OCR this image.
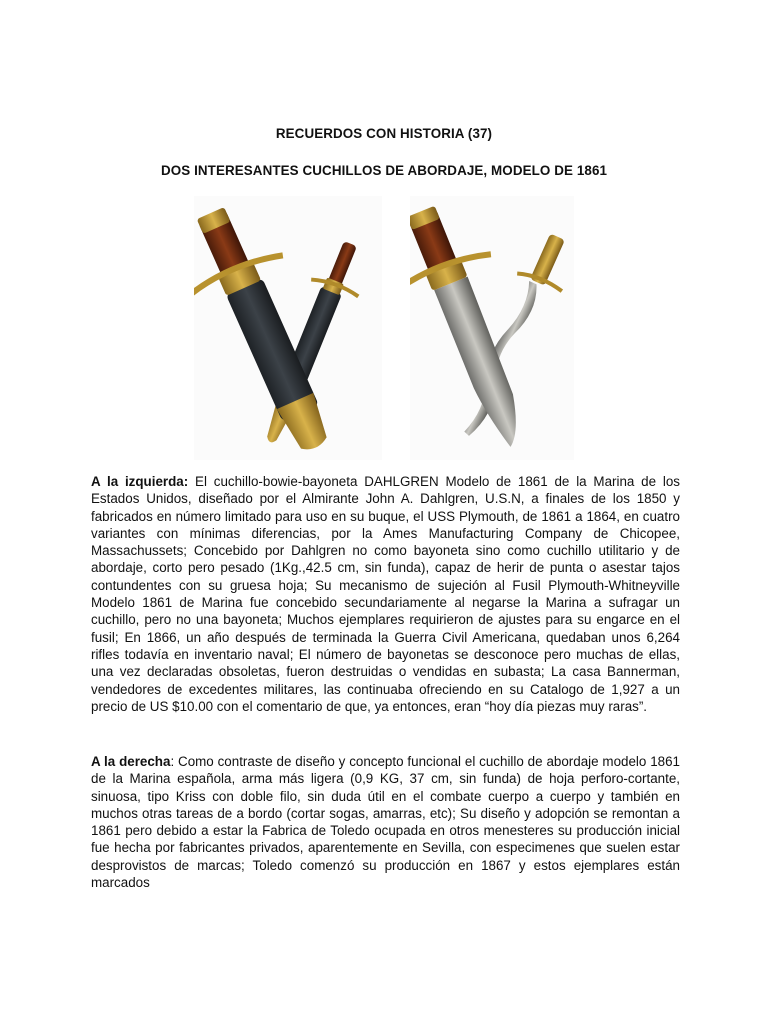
RECUERDOS CON HISTORIA (37)
DOS INTERESANTES CUCHILLOS DE ABORDAJE, MODELO DE 1861
A la izquierda: El cuchillo-bowie-bayoneta DAHLGREN Modelo de 1861 de la Marina de los Estados Unidos, diseñado por el Almirante John A. Dahlgren, U.S.N, a finales de los 1850 y fabricados en número limitado para uso en su buque, el USS Plymouth, de 1861 a 1864, en cuatro variantes con mínimas diferencias, por la Ames Manufacturing Company de Chicopee, Massachussets; Concebido por Dahlgren no como bayoneta sino como cuchillo utilitario y de abordaje, corto pero pesado (1Kg.,42.5 cm, sin funda), capaz de herir de punta o asestar tajos contundentes con su gruesa hoja; Su mecanismo de sujeción al Fusil Plymouth-Whitneyville Modelo 1861 de Marina fue concebido secundariamente al negarse la Marina a sufragar un cuchillo, pero no una bayoneta; Muchos ejemplares requirieron de ajustes para su engarce en el fusil; En 1866, un año después de terminada la Guerra Civil Americana, quedaban unos 6,264 rifles todavía en inventario naval; El número de bayonetas se desconoce pero muchas de ellas, una vez declaradas obsoletas, fueron destruidas o vendidas en subasta; La casa Bannerman, vendedores de excedentes militares, las continuaba ofreciendo en su Catalogo de 1,927 a un precio de US $10.00 con el comentario de que, ya entonces, eran “hoy día piezas muy raras”.
A la derecha: Como contraste de diseño y concepto funcional el cuchillo de abordaje modelo 1861 de la Marina española, arma más ligera (0,9 KG, 37 cm, sin funda) de hoja perforo-cortante, sinuosa, tipo Kriss con doble filo, sin duda útil en el combate cuerpo a cuerpo y también en muchos otras tareas de a bordo (cortar sogas, amarras, etc); Su diseño y adopción se remontan a 1861 pero debido a estar la Fabrica de Toledo ocupada en otros menesteres su producción inicial fue hecha por fabricantes privados, aparentemente en Sevilla, con especimenes que suelen estar desprovistos de marcas; Toledo comenzó su producción en 1867 y estos ejemplares están marcados
